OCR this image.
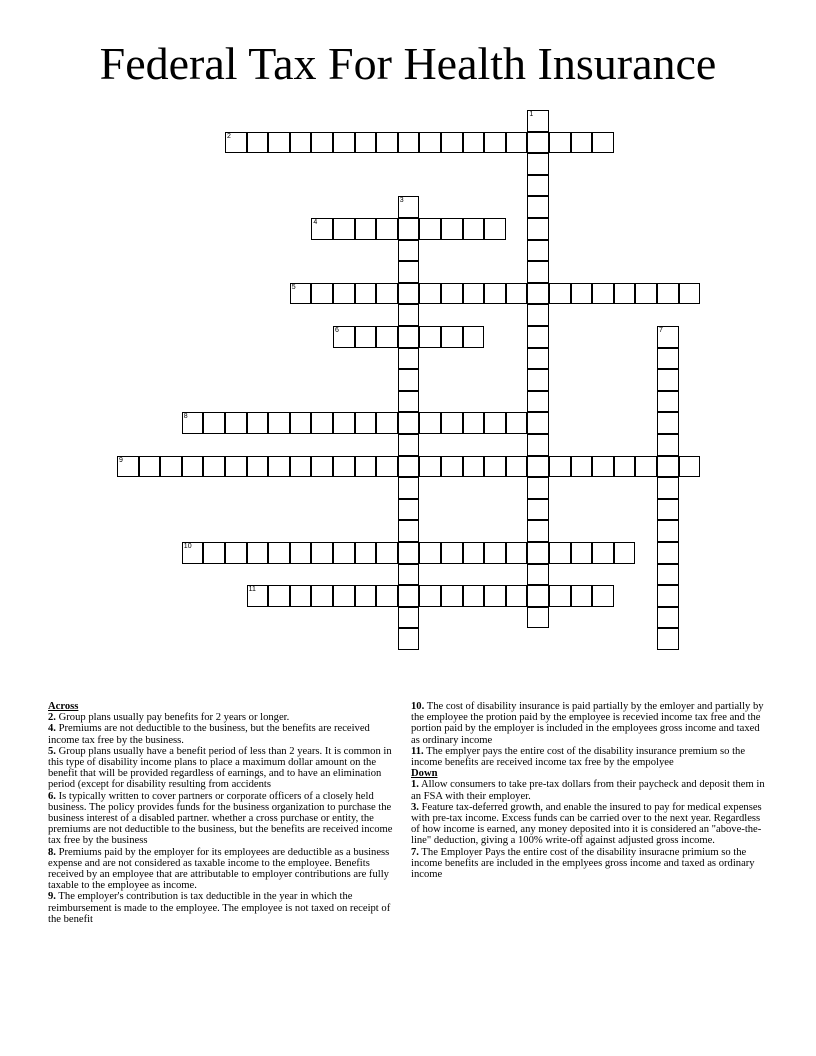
Federal Tax For Health Insurance
1
2
3
4
5
6	7
8
9
10
11
Across
2. Group plans usually pay benefits for 2 years or longer.
4. Premiums are not deductible to the business, but the benefits are received income tax free by the business.
5. Group plans usually have a benefit period of less than 2 years. It is common in this type of disability income plans to place a maximum dollar amount on the benefit that will be provided regardless of earnings, and to have an elimination period (except for disability resulting from accidents
6. Is typically written to cover partners or corporate officers of a closely held business. The policy provides funds for the business organization to purchase the business interest of a disabled partner. whether a cross purchase or entity, the premiums are not deductible to the business, but the benefits are received income tax free by the business
8. Premiums paid by the employer for its employees are deductible as a business expense and are not considered as taxable income to the employee. Benefits received by an employee that are attributable to employer contributions are fully taxable to the employee as income.
9. The employer's contribution is tax deductible in the year in which the reimbursement is made to the employee. The employee is not taxed on receipt of the benefit
10. The cost of disability insurance is paid partially by the emloyer and partially by the employee the protion paid by the employee is recevied income tax free and the portion paid by the employer is included in the employees gross income and taxed as ordinary income
11. The emplyer pays the entire cost of the disability insurance premium so the income benefits are received income tax free by the empolyee
Down
1. Allow consumers to take pre-tax dollars from their paycheck and deposit them in an FSA with their employer.
3. Feature tax-deferred growth, and enable the insured to pay for medical expenses with pre-tax income. Excess funds can be carried over to the next year. Regardless of how income is earned, any money deposited into it is considered an "above-the-line" deduction, giving a 100% write-off against adjusted gross income.
7. The Employer Pays the entire cost of the disability insuracne primium so the income benefits are included in the emplyees gross income and taxed as ordinary income
